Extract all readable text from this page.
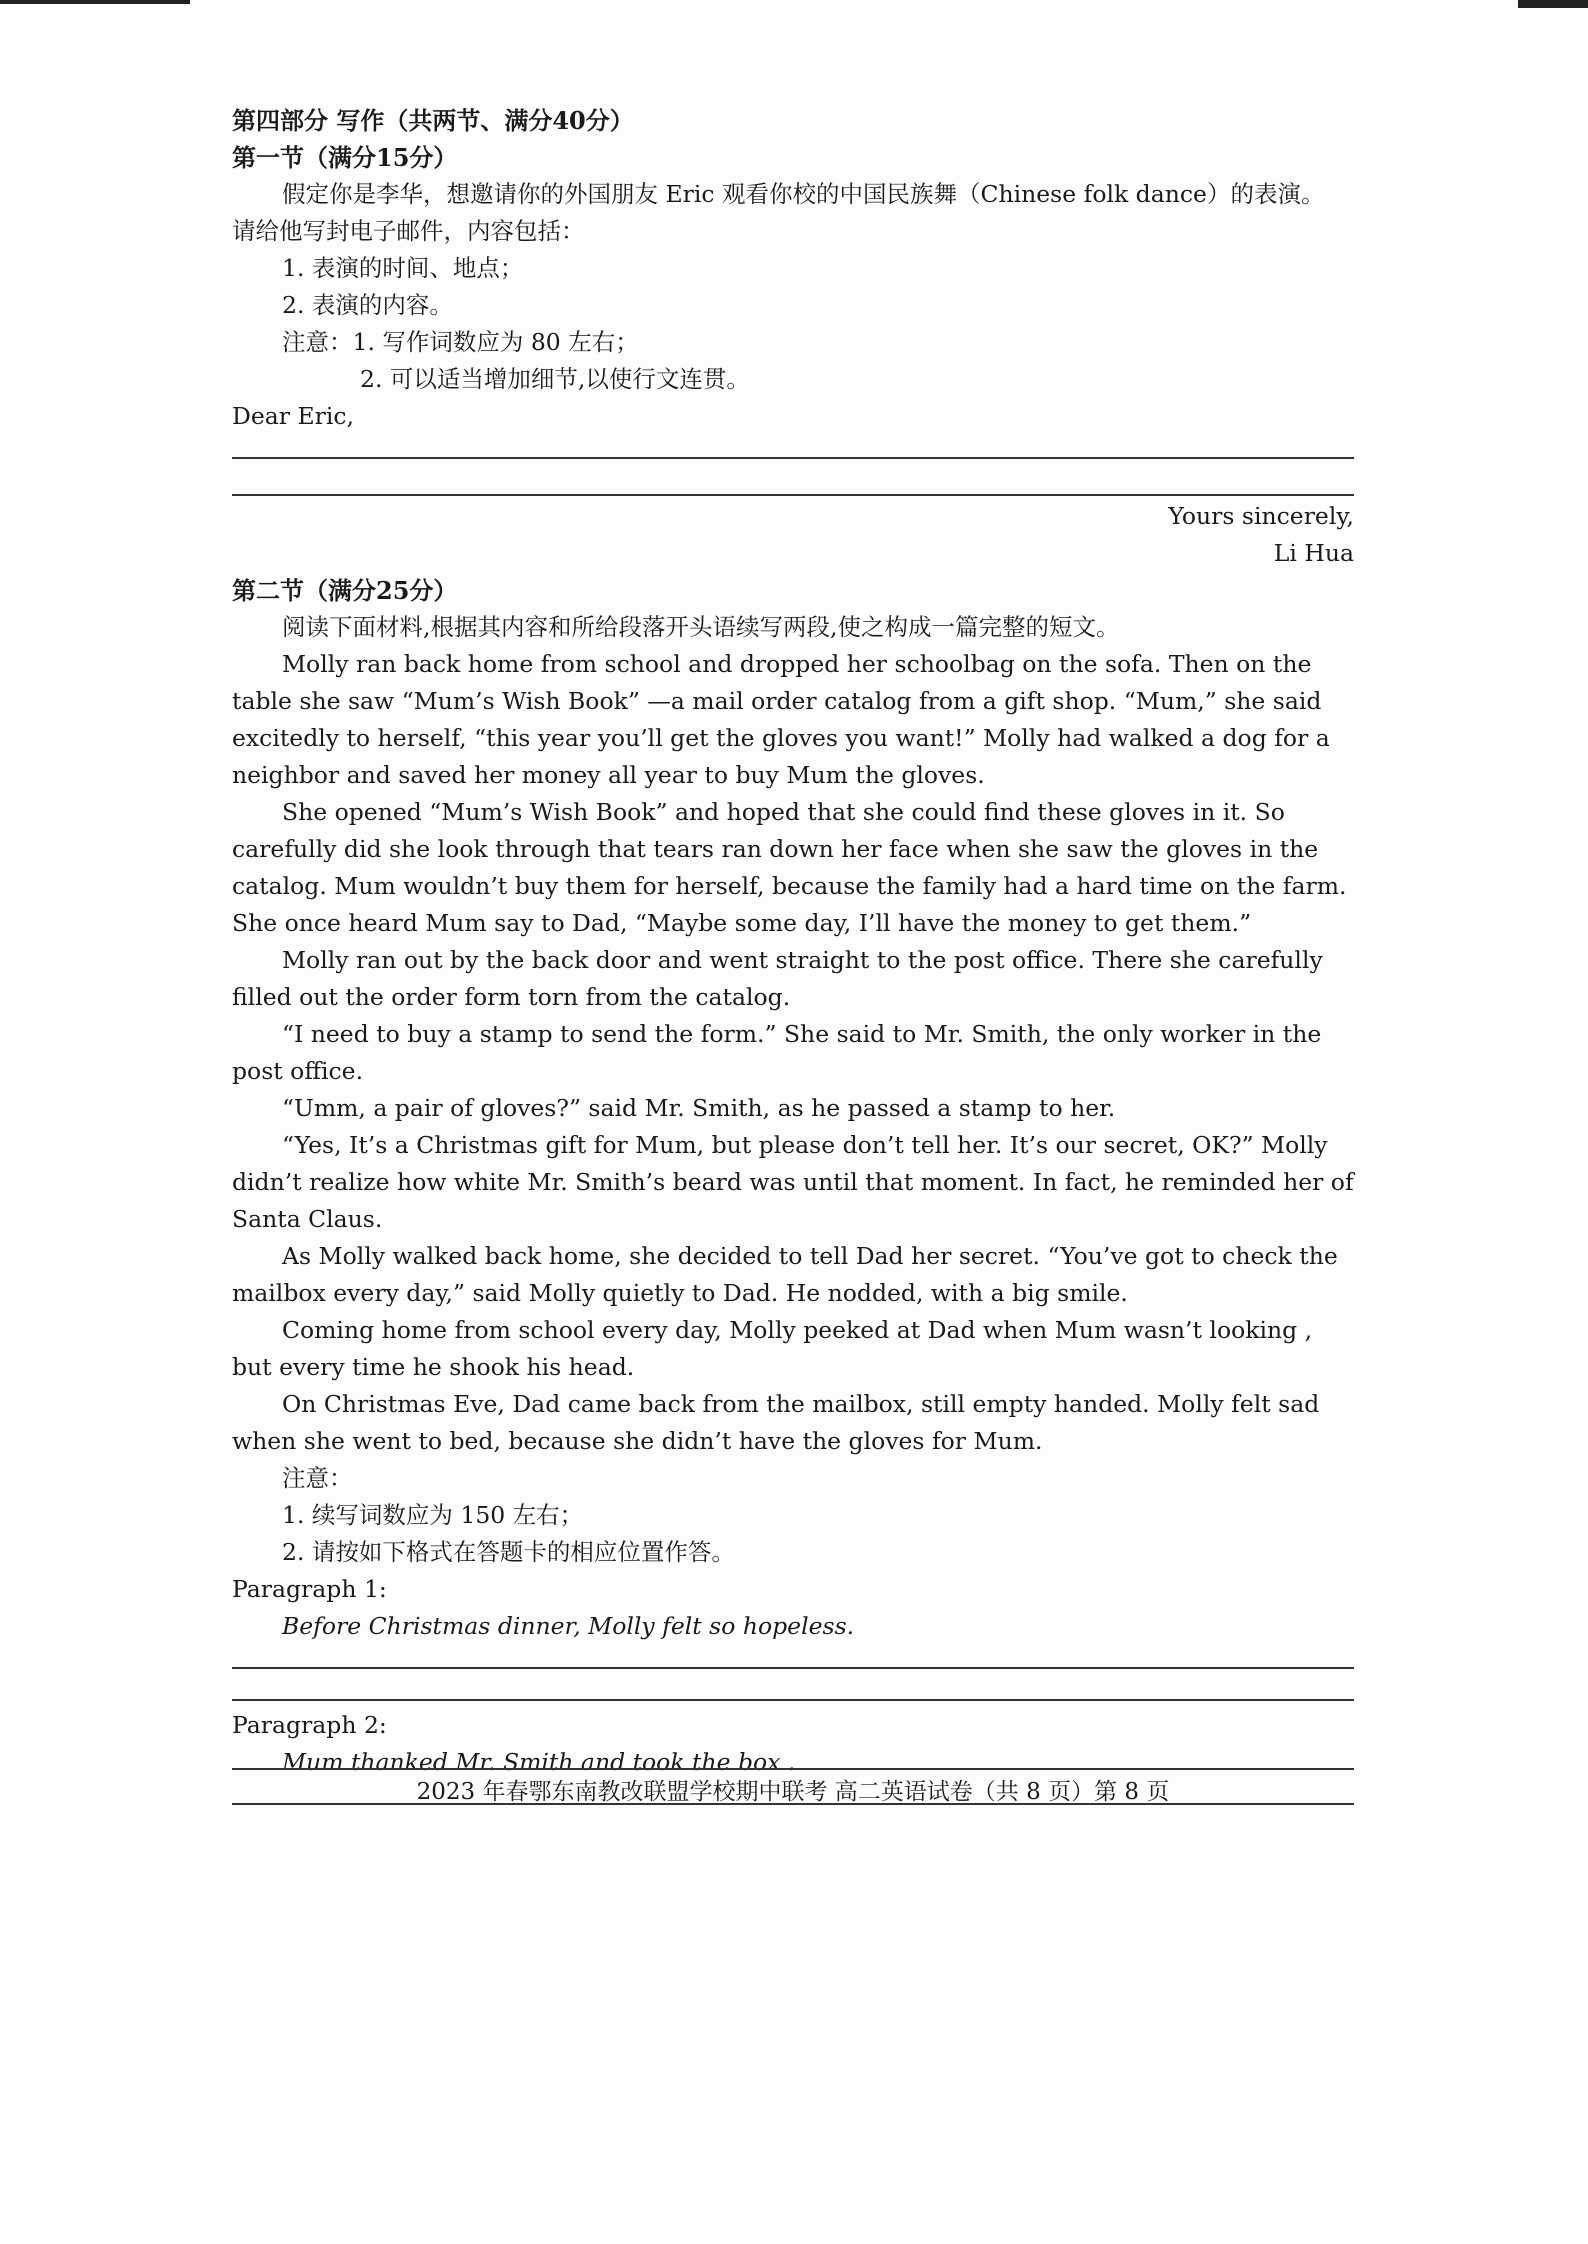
第四部分 写作（共两节、满分40分）

第一节（满分15分）

假定你是李华，想邀请你的外国朋友 Eric 观看你校的中国民族舞（Chinese folk dance）的表演。

请给他写封电子邮件，内容包括：

1. 表演的时间、地点；

2. 表演的内容。

注意：1. 写作词数应为 80 左右；

2. 可以适当增加细节,以使行文连贯。

Dear Eric,

Yours sincerely,

Li Hua

第二节（满分25分）

阅读下面材料,根据其内容和所给段落开头语续写两段,使之构成一篇完整的短文。

Molly ran back home from school and dropped her schoolbag on the sofa. Then on the table she saw “Mum’s Wish Book” —a mail order catalog from a gift shop. “Mum,” she said excitedly to herself, “this year you’ll get the gloves you want!” Molly had walked a dog for a neighbor and saved her money all year to buy Mum the gloves.

She opened “Mum’s Wish Book” and hoped that she could find these gloves in it. So carefully did she look through that tears ran down her face when she saw the gloves in the catalog. Mum wouldn’t buy them for herself, because the family had a hard time on the farm. She once heard Mum say to Dad, “Maybe some day, I’ll have the money to get them.”

Molly ran out by the back door and went straight to the post office. There she carefully filled out the order form torn from the catalog.

“I need to buy a stamp to send the form.” She said to Mr. Smith, the only worker in the post office.

“Umm, a pair of gloves?” said Mr. Smith, as he passed a stamp to her.

“Yes, It’s a Christmas gift for Mum, but please don’t tell her. It’s our secret, OK?” Molly didn’t realize how white Mr. Smith’s beard was until that moment. In fact, he reminded her of Santa Claus.

As Molly walked back home, she decided to tell Dad her secret. “You’ve got to check the mailbox every day,” said Molly quietly to Dad. He nodded, with a big smile.

Coming home from school every day, Molly peeked at Dad when Mum wasn’t looking , but every time he shook his head.

On Christmas Eve, Dad came back from the mailbox, still empty handed. Molly felt sad when she went to bed, because she didn’t have the gloves for Mum.

注意：

1. 续写词数应为 150 左右；

2. 请按如下格式在答题卡的相应位置作答。

Paragraph 1:

Before Christmas dinner, Molly felt so hopeless.

Paragraph 2:

Mum thanked Mr. Smith and took the box .

2023 年春鄂东南教改联盟学校期中联考 高二英语试卷（共 8 页）第 8 页
